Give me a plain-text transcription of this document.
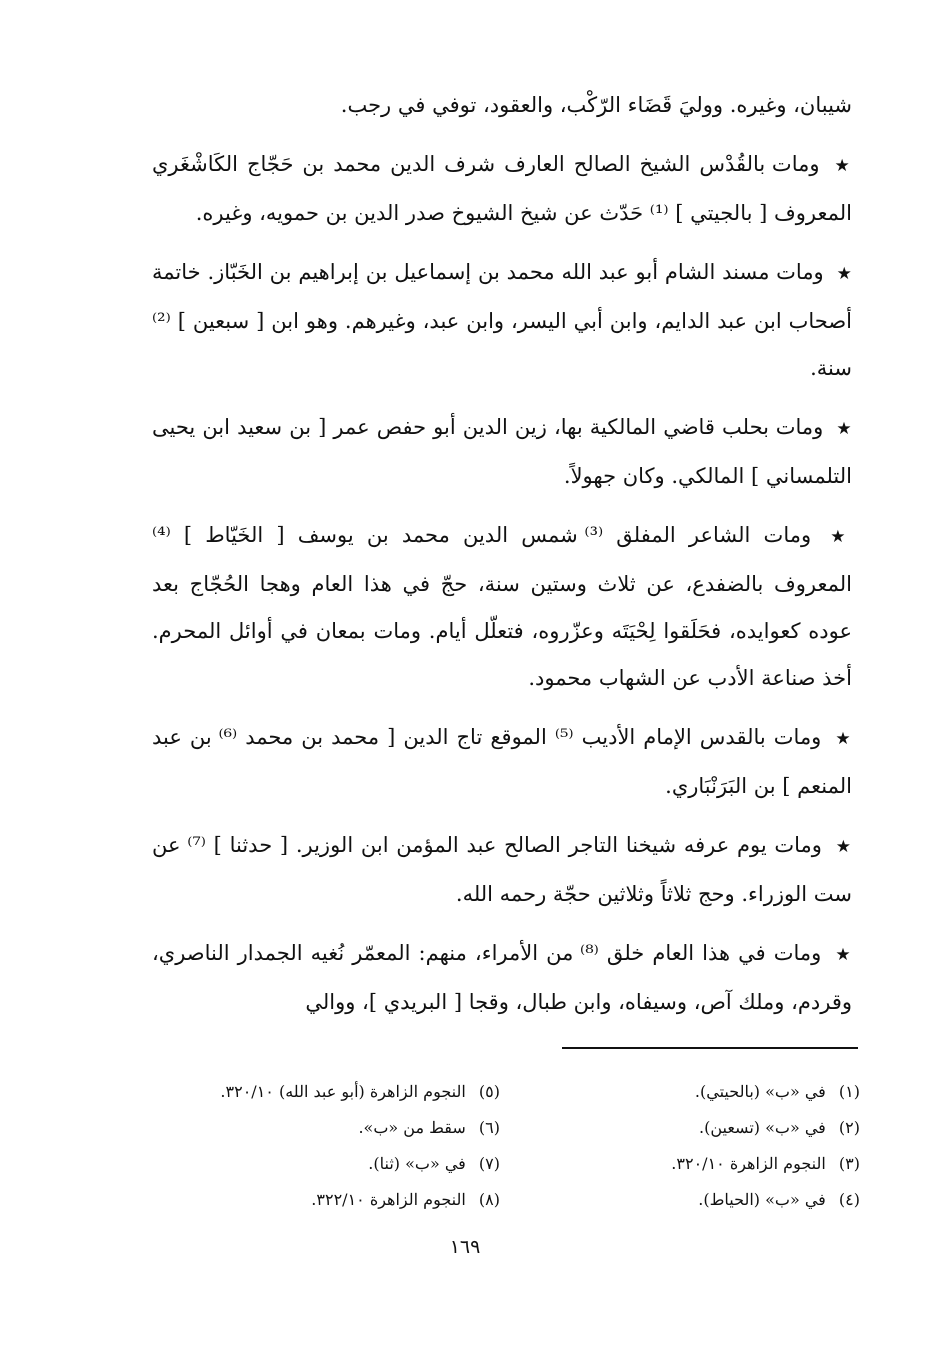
شيبان، وغيره. ووليَ قَضَاء الرّكْب، والعقود، توفي في رجب.

★ ومات بالقُدْس الشيخ الصالح العارف شرف الدين محمد بن حَجّاج الكَاشْغَري المعروف [ بالجيتي ] ⁽¹⁾ حَدّث عن شيخ الشيوخ صدر الدين بن حمويه، وغيره.

★ ومات مسند الشام أبو عبد الله محمد بن إسماعيل بن إبراهيم بن الخَبّاز. خاتمة أصحاب ابن عبد الدايم، وابن أبي اليسر، وابن عبد، وغيرهم. وهو ابن [ سبعين ] ⁽²⁾ سنة.

★ ومات بحلب قاضي المالكية بها، زين الدين أبو حفص عمر [ بن سعيد ابن يحيى التلمساني ] المالكي. وكان جهولاً.

★ ومات الشاعر المفلق ⁽³⁾ شمس الدين محمد بن يوسف [ الخَيّاط ] ⁽⁴⁾ المعروف بالضفدع، عن ثلاث وستين سنة، حجّ في هذا العام وهجا الحُجّاج بعد عوده كعوايده، فحَلَقوا لِحْيَتَه وعزّروه، فتعلّل أيام. ومات بمعان في أوائل المحرم. أخذ صناعة الأدب عن الشهاب محمود.

★ ومات بالقدس الإمام الأديب ⁽⁵⁾ الموقع تاج الدين [ محمد بن محمد ⁽⁶⁾ بن عبد المنعم ] بن البَرَنْبَاري.

★ ومات يوم عرفه شيخنا التاجر الصالح عبد المؤمن ابن الوزير. [ حدثنا ] ⁽⁷⁾ عن ست الوزراء. وحج ثلاثاً وثلاثين حجّة رحمه الله.

★ ومات في هذا العام خلق ⁽⁸⁾ من الأمراء، منهم: المعمّر نُغيه الجمدار الناصري، وقردم، وملك آص، وسيفاه، وابن طبال، وقجا [ البريدي ]، ووالي

(١) في «ب» (بالحيتي).
(٢) في «ب» (تسعين).
(٣) النجوم الزاهرة ٣٢٠/١٠.
(٤) في «ب» (الحياط).
(٥) النجوم الزاهرة (أبو عبد الله) ٣٢٠/١٠.
(٦) سقط من «ب».
(٧) في «ب» (ثنا).
(٨) النجوم الزاهرة ٣٢٢/١٠.
١٦٩
